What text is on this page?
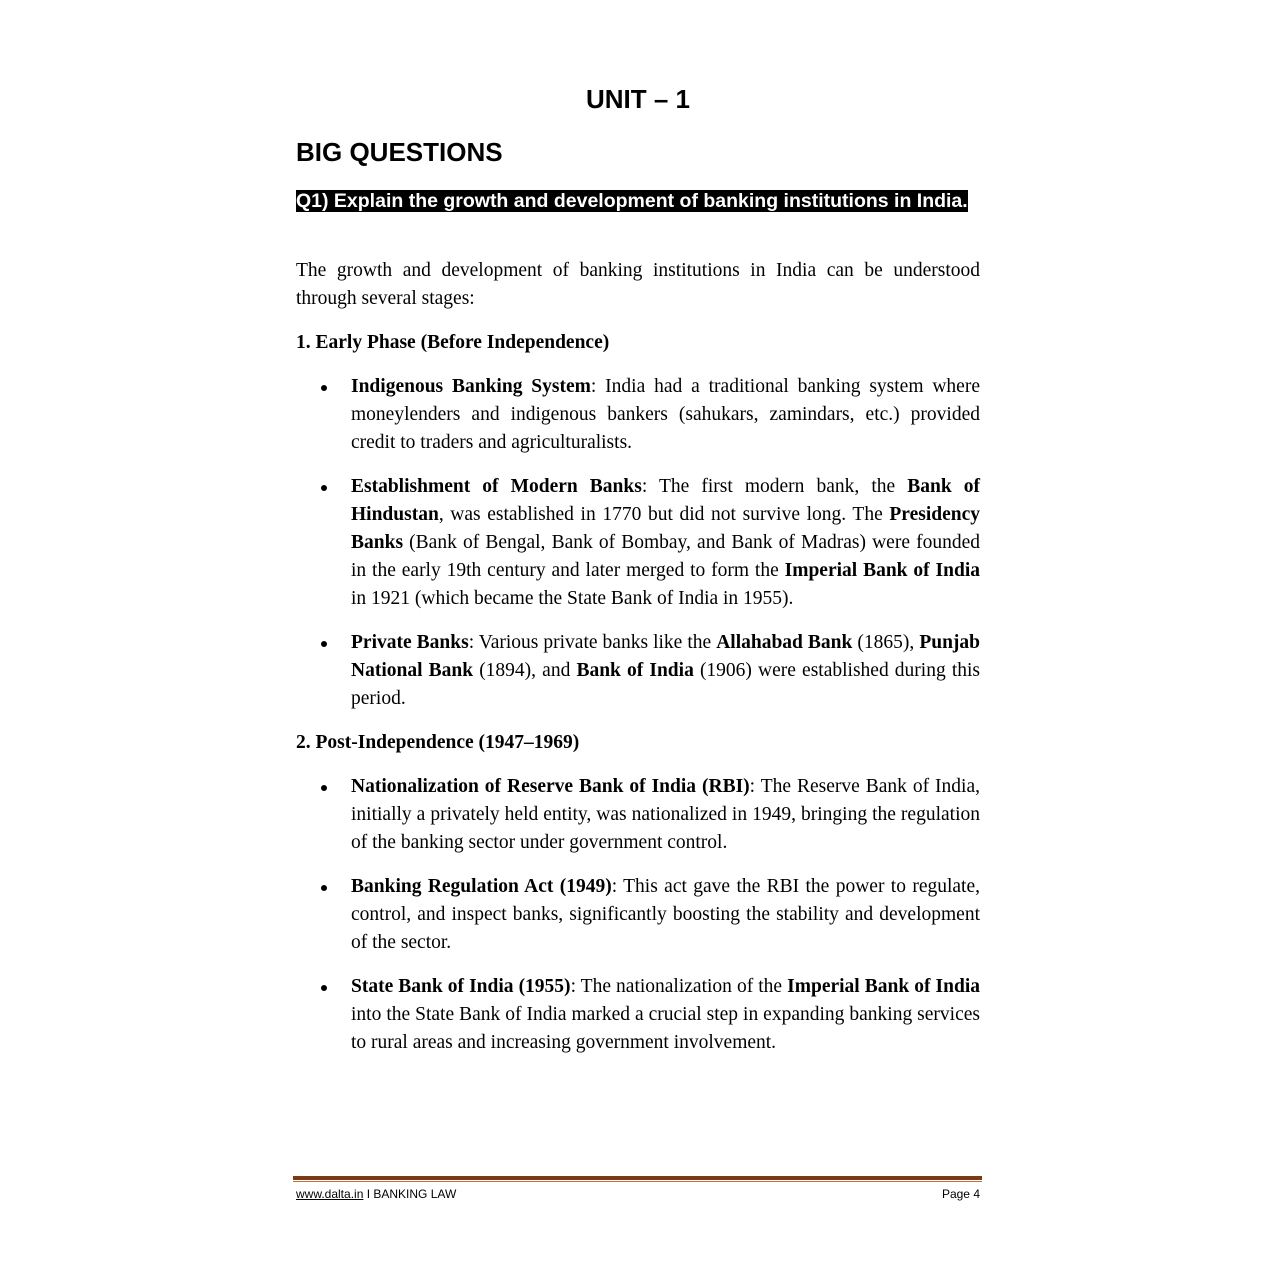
UNIT – 1
BIG QUESTIONS
Q1) Explain the growth and development of banking institutions in India.

The growth and development of banking institutions in India can be understood through several stages:

1. Early Phase (Before Independence)

Indigenous Banking System: India had a traditional banking system where moneylenders and indigenous bankers (sahukars, zamindars, etc.) provided credit to traders and agriculturalists.
Establishment of Modern Banks: The first modern bank, the Bank of Hindustan, was established in 1770 but did not survive long. The Presidency Banks (Bank of Bengal, Bank of Bombay, and Bank of Madras) were founded in the early 19th century and later merged to form the Imperial Bank of India in 1921 (which became the State Bank of India in 1955).
Private Banks: Various private banks like the Allahabad Bank (1865), Punjab National Bank (1894), and Bank of India (1906) were established during this period.

2. Post-Independence (1947–1969)

Nationalization of Reserve Bank of India (RBI): The Reserve Bank of India, initially a privately held entity, was nationalized in 1949, bringing the regulation of the banking sector under government control.
Banking Regulation Act (1949): This act gave the RBI the power to regulate, control, and inspect banks, significantly boosting the stability and development of the sector.
State Bank of India (1955): The nationalization of the Imperial Bank of India into the State Bank of India marked a crucial step in expanding banking services to rural areas and increasing government involvement.
www.dalta.in I BANKING LAW	Page 4
